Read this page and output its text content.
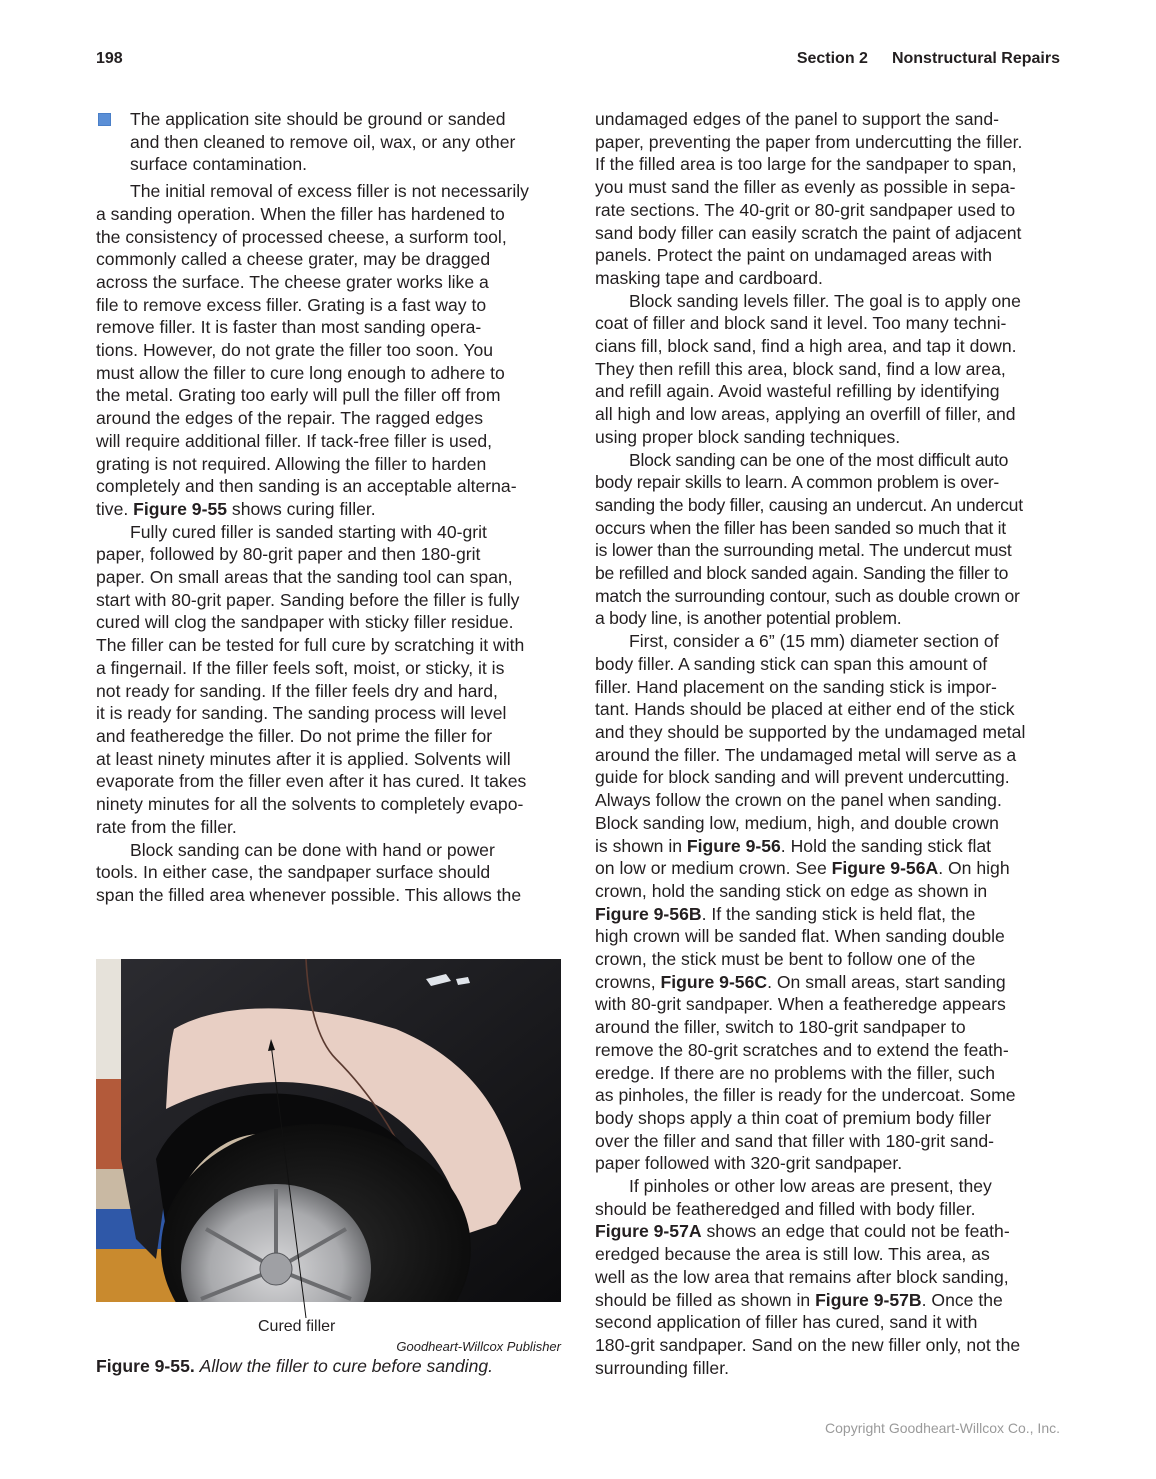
198	Section 2 Nonstructural Repairs

The application site should be ground or sanded
and then cleaned to remove oil, wax, or any other
surface contamination.

The initial removal of excess filler is not necessarily
a sanding operation. When the filler has hardened to
the consistency of processed cheese, a surform tool,
commonly called a cheese grater, may be dragged
across the surface. The cheese grater works like a
file to remove excess filler. Grating is a fast way to
remove filler. It is faster than most sanding opera-
tions. However, do not grate the filler too soon. You
must allow the filler to cure long enough to adhere to
the metal. Grating too early will pull the filler off from
around the edges of the repair. The ragged edges
will require additional filler. If tack-free filler is used,
grating is not required. Allowing the filler to harden
completely and then sanding is an acceptable alterna-
tive. Figure 9-55 shows curing filler.

Fully cured filler is sanded starting with 40-grit
paper, followed by 80-grit paper and then 180-grit
paper. On small areas that the sanding tool can span,
start with 80-grit paper. Sanding before the filler is fully
cured will clog the sandpaper with sticky filler residue.
The filler can be tested for full cure by scratching it with
a fingernail. If the filler feels soft, moist, or sticky, it is
not ready for sanding. If the filler feels dry and hard,
it is ready for sanding. The sanding process will level
and featheredge the filler. Do not prime the filler for
at least ninety minutes after it is applied. Solvents will
evaporate from the filler even after it has cured. It takes
ninety minutes for all the solvents to completely evapo-
rate from the filler.

Block sanding can be done with hand or power
tools. In either case, the sandpaper surface should
span the filled area whenever possible. This allows the

Cured filler
Goodheart-Willcox Publisher
Figure 9-55. Allow the filler to cure before sanding.

undamaged edges of the panel to support the sand-
paper, preventing the paper from undercutting the filler.
If the filled area is too large for the sandpaper to span,
you must sand the filler as evenly as possible in sepa-
rate sections. The 40-grit or 80-grit sandpaper used to
sand body filler can easily scratch the paint of adjacent
panels. Protect the paint on undamaged areas with
masking tape and cardboard.

Block sanding levels filler. The goal is to apply one
coat of filler and block sand it level. Too many techni-
cians fill, block sand, find a high area, and tap it down.
They then refill this area, block sand, find a low area,
and refill again. Avoid wasteful refilling by identifying
all high and low areas, applying an overfill of filler, and
using proper block sanding techniques.

Block sanding can be one of the most difficult auto
body repair skills to learn. A common problem is over-
sanding the body filler, causing an undercut. An undercut
occurs when the filler has been sanded so much that it
is lower than the surrounding metal. The undercut must
be refilled and block sanded again. Sanding the filler to
match the surrounding contour, such as double crown or
a body line, is another potential problem.

First, consider a 6” (15 mm) diameter section of
body filler. A sanding stick can span this amount of
filler. Hand placement on the sanding stick is impor-
tant. Hands should be placed at either end of the stick
and they should be supported by the undamaged metal
around the filler. The undamaged metal will serve as a
guide for block sanding and will prevent undercutting.
Always follow the crown on the panel when sanding.
Block sanding low, medium, high, and double crown
is shown in Figure 9-56. Hold the sanding stick flat
on low or medium crown. See Figure 9-56A. On high
crown, hold the sanding stick on edge as shown in
Figure 9-56B. If the sanding stick is held flat, the
high crown will be sanded flat. When sanding double
crown, the stick must be bent to follow one of the
crowns, Figure 9-56C. On small areas, start sanding
with 80-grit sandpaper. When a featheredge appears
around the filler, switch to 180-grit sandpaper to
remove the 80-grit scratches and to extend the feath-
eredge. If there are no problems with the filler, such
as pinholes, the filler is ready for the undercoat. Some
body shops apply a thin coat of premium body filler
over the filler and sand that filler with 180-grit sand-
paper followed with 320-grit sandpaper.

If pinholes or other low areas are present, they
should be featheredged and filled with body filler.
Figure 9-57A shows an edge that could not be feath-
eredged because the area is still low. This area, as
well as the low area that remains after block sanding,
should be filled as shown in Figure 9-57B. Once the
second application of filler has cured, sand it with
180-grit sandpaper. Sand on the new filler only, not the
surrounding filler.

Copyright Goodheart-Willcox Co., Inc.
